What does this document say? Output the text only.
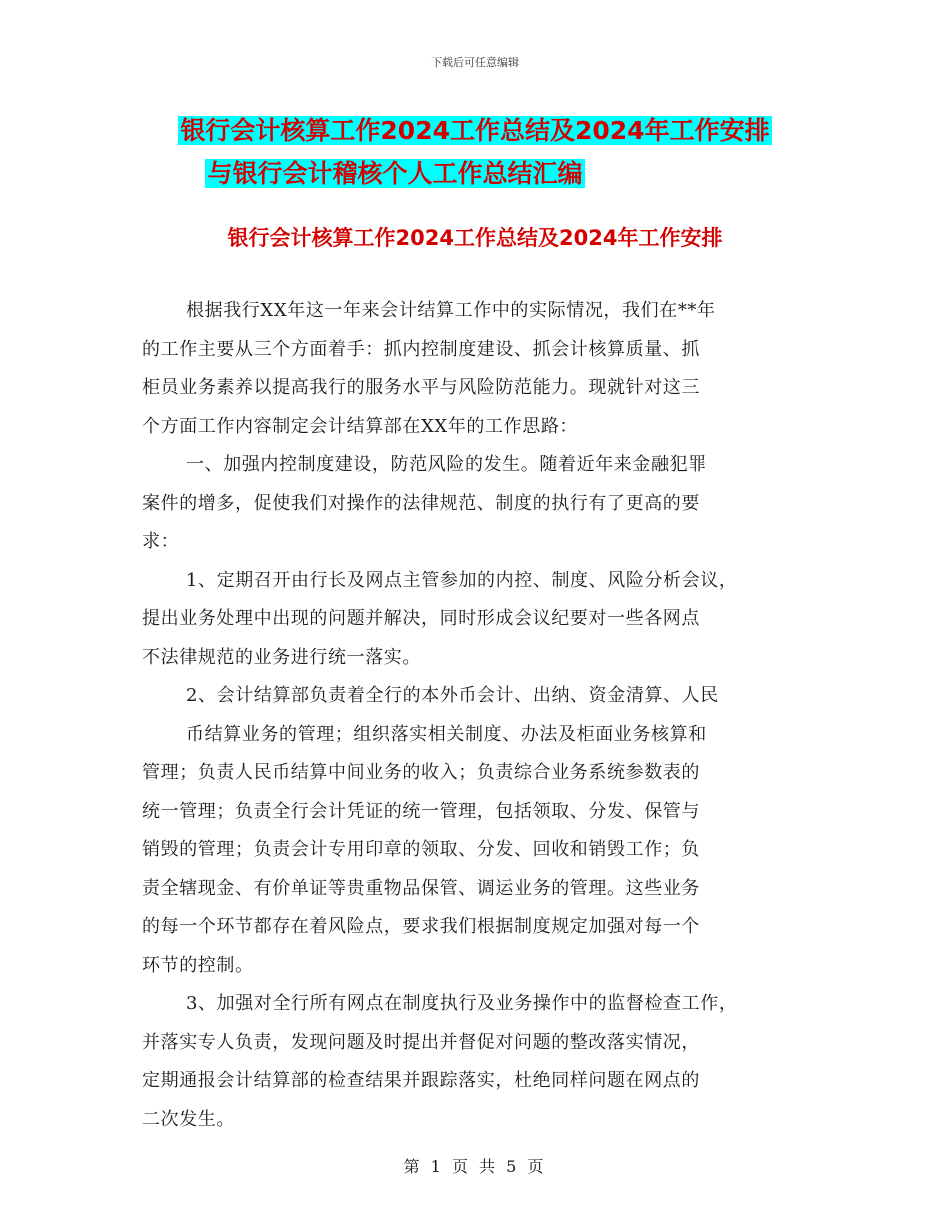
下载后可任意编辑
银行会计核算工作2024工作总结及2024年工作安排
与银行会计稽核个人工作总结汇编
银行会计核算工作2024工作总结及2024年工作安排
根据我行XX年这一年来会计结算工作中的实际情况，我们在**年
的工作主要从三个方面着手：抓内控制度建设、抓会计核算质量、抓
柜员业务素养以提高我行的服务水平与风险防范能力。现就针对这三
个方面工作内容制定会计结算部在XX年的工作思路：
一、加强内控制度建设，防范风险的发生。随着近年来金融犯罪
案件的增多，促使我们对操作的法律规范、制度的执行有了更高的要
求：
1、定期召开由行长及网点主管参加的内控、制度、风险分析会议，
提出业务处理中出现的问题并解决，同时形成会议纪要对一些各网点
不法律规范的业务进行统一落实。
2、会计结算部负责着全行的本外币会计、出纳、资金清算、人民
币结算业务的管理；组织落实相关制度、办法及柜面业务核算和
管理；负责人民币结算中间业务的收入；负责综合业务系统参数表的
统一管理；负责全行会计凭证的统一管理，包括领取、分发、保管与
销毁的管理；负责会计专用印章的领取、分发、回收和销毁工作；负
责全辖现金、有价单证等贵重物品保管、调运业务的管理。这些业务
的每一个环节都存在着风险点，要求我们根据制度规定加强对每一个
环节的控制。
3、加强对全行所有网点在制度执行及业务操作中的监督检查工作，
并落实专人负责，发现问题及时提出并督促对问题的整改落实情况，
定期通报会计结算部的检查结果并跟踪落实，杜绝同样问题在网点的
二次发生。
第 1 页 共 5 页
